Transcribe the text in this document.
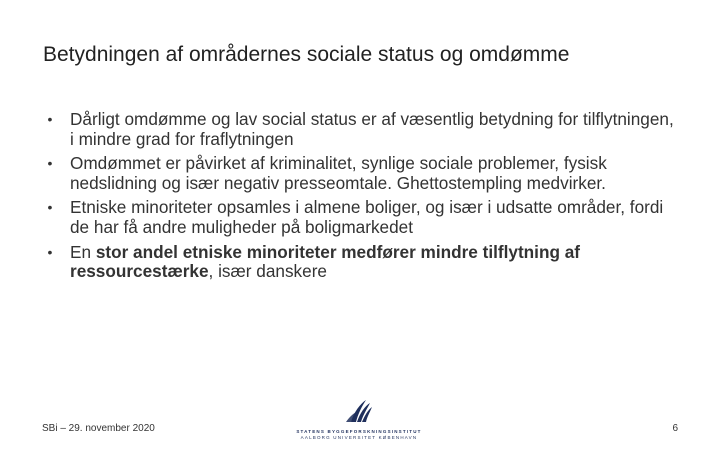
Betydningen af områdernes sociale status og omdømme
•	Dårligt omdømme og lav social status er af væsentlig betydning for tilflytningen, i mindre grad for fraflytningen
•	Omdømmet er påvirket af kriminalitet, synlige sociale problemer, fysisk nedslidning og især negativ presseomtale. Ghettostempling medvirker.
•	Etniske minoriteter opsamles i almene boliger, og især i udsatte områder, fordi de har få andre muligheder på boligmarkedet
•	En stor andel etniske minoriteter medfører mindre tilflytning af ressourcestærke, især danskere
SBi – 29. november 2020	STATENS BYGGEFORSKNINGSINSTITUT
AALBORG UNIVERSITET KØBENHAVN
6
